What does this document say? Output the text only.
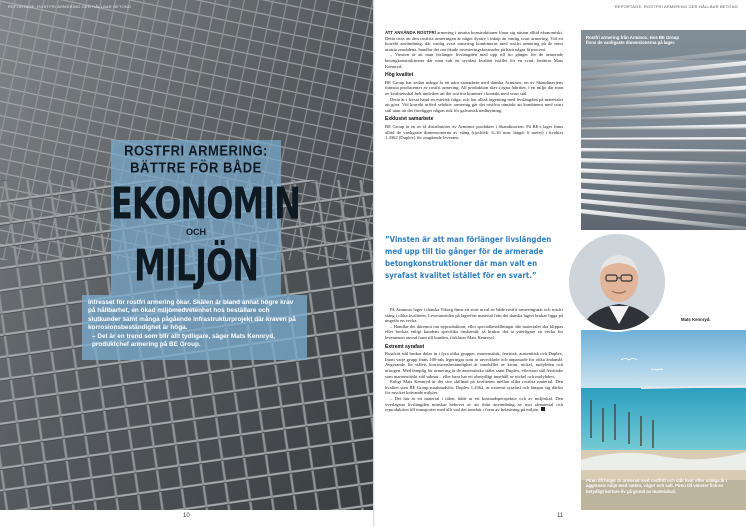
REPORTAGE: ROSTFRI ARMERING GER HÅLLBAR BETONG
ROSTFRI ARMERING:
BÄTTRE FÖR BÅDE
EKONOMIN
OCH
MILJÖN

Intresset för rostfri armering ökar. Skälen är bland annat högre krav på hållbarhet, en ökad miljömedvetenhet hos beställare och slutkunder samt många pågående infrastrukturprojekt där kraven på korrosionsbeständighet är höga.

– Det är en trend som blir allt tydligare, säger Mats Kennryd, produktchef armering på BE Group.

10
REPORTAGE: ROSTFRI ARMERING GER HÅLLBAR BETONG

ATT ANVÄNDA ROSTFRI armering i utsatta konstruktioner lönar sig nästan alltid ekonomiskt. Detta trots att den rostfria armeringen är något dyrare i inköp än vanlig svart armering. Vid ett korrekt användning, där vanlig svart armering kombineras med rostfri armering på de mest utsatta områdena, handlar det om ökade investeringskostnader på bara några få procent.

– Vinsten är att man förlänger livslängden med upp till tio gånger för de armerade betongkonstruktioner där man valt en syrafast kvalitet istället för en svart, berättar Mats Kennryd.

Hög kvalitet

BE Group har sedan många år ett nära samarbete med danska Arminox, en av Skandinaviens främsta producenter av rostfri armering. All produktion sker i egna fabriker, i en miljö där man av kvalitetsskäl helt undviker att det rostfria kommer i kontakt med svart stål.

Detta är i första hand en estetisk fråga, och har alltså ingenting med livslängden på materialet att göra. Vid korrekt utförd selektiv armering går det rostfria utmärkt att kombinera med svart stål utan att det föreligger någon risk för galvanisk nedbrytning.

Exklusivt samarbete

BE Group är en av få distributörer av Arminox produkter i Skandinavien. På BE:s lager finns alltid de vanligaste dimensionerna av stång (tjocklek: 6–16 mm, längd: 6 meter) i kvalitet 1.4362 (Duplex) för omgående leverans.

”Vinsten är att man förlänger livslängden med upp till tio gånger för de armerade betongkonstruktioner där man valt en syrafast kvalitet istället för en svart.”

På Arminox lager i danska Viborg finns ett stort urval av både rostfri armeringsnät och rostfri stång i olika kvaliteter. Leveranstiden på lagerfört material från det danska lagret brukar ligga på ungefär en vecka.

– Handlar det däremot om nyproduktion, eller specialbeställningar där materialet ska klippas eller bockas enligt kundens specifika önskemål, så brukar det ta ytterligare en vecka för leveransen anvnd fram till kunden, förklarar Mats Kennryd.

Extremt syrafast

Rostfritt stål brukar delas in i fyra olika grupper, martensitisk, ferritisk, austenitisk och Duplex. Inom varje grupp finns 100-tals legeringar som är utvecklade och anpassade för olika ändamål. Avgörande för stålets korrosionsbeständighet är innehållet av krom, nickel, molybden och nitrogen. Med lämplig för armering är de austenitiska stålet samt Duplex, eftersom stål ferritiske som martensitiskt stål saknar – eller bara har ett obetydligt innehåll av nickel och molybden.

Enligt Mats Kennryd är det stor skillnad på kvaliteten mellan olika rostfria material. Den kvalitet som BE Group marknadsför, Duplex 1.4362, är extremt syrafast och lämpar sig därför för mycket krävande miljöer.

– Det här är ett material i tiden, både ur ett kostnadsperspektiv och av miljöskäl. Den överlägsna livslängden minskar behovet av att ifrån användning av nytt råmaterial och reproduktion till transporter med allt vad det innebär i form av belastning på miljön.

Rostfri armering från Arminox. Hos BE Group finns de vanligaste dimensionerna på lager.
Piren till höger är armerad med rostfritt och står kvar efter många år i aggressiv miljö med vatten, vågor och salt. Piren till vänster fick en betydligt kortare liv på grund av materialval.
Mats Kennryd.
11
